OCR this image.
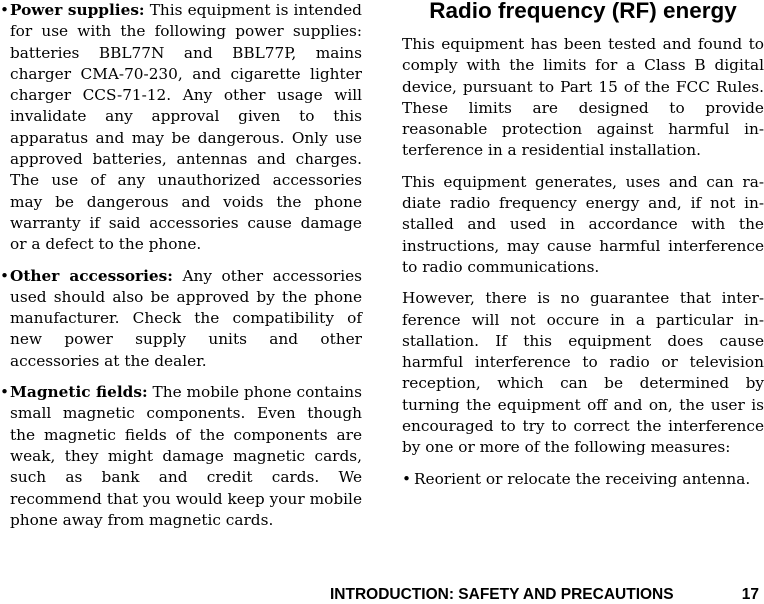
• Power supplies: This equipment is intended for use with the following power supplies: batteries BBL77N and BBL77P, mains charger CMA-70-230, and cigarette lighter charger CCS-71-12. Any other usage will invalidate any approval given to this apparatus and may be dangerous. Only use approved batteries, antennas and charges. The use of any unauthorized accessories may be dangerous and voids the phone warranty if said accessories cause damage or a defect to the phone.
• Other accessories: Any other accessories used should also be approved by the phone manufacturer. Check the compatibility of new power supply units and other accessories at the dealer.
• Magnetic fields: The mobile phone contains small magnetic components. Even though the magnetic fields of the components are weak, they might damage magnetic cards, such as bank and credit cards. We recommend that you would keep your mobile phone away from magnetic cards.
Radio frequency (RF) energy

This equipment has been tested and found to comply with the limits for a Class B digital device, pursuant to Part 15 of the FCC Rules. These limits are designed to provide reasonable protection against harmful interference in a residential installation.

This equipment generates, uses and can radiate radio frequency energy and, if not installed and used in accordance with the instructions, may cause harmful interference to radio communications.

However, there is no guarantee that interference will not occure in a particular installation. If this equipment does cause harmful interference to radio or television reception, which can be determined by turning the equipment off and on, the user is encouraged to try to correct the interference by one or more of the following measures:

• Reorient or relocate the receiving antenna.
INTRODUCTION: SAFETY AND PRECAUTIONS	17
